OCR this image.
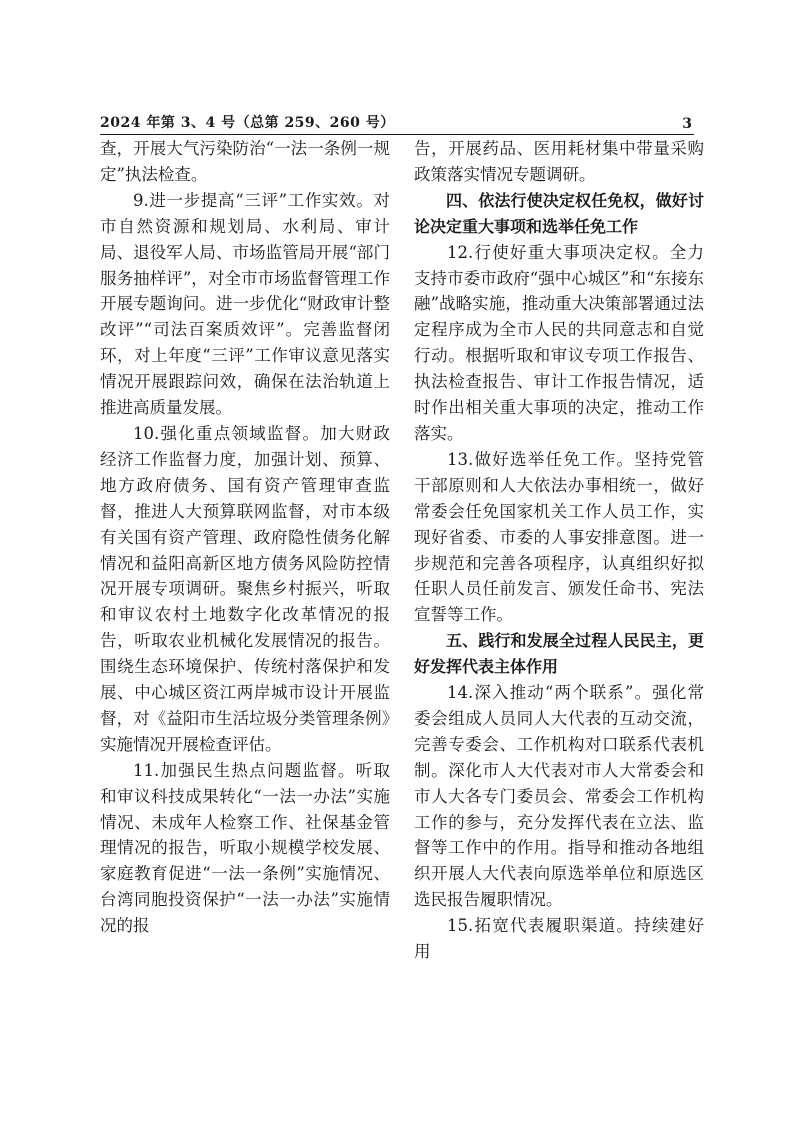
2024 年第 3、4 号（总第 259、260 号）	3

查，开展大气污染防治“一法一条例一规定”执法检查。

9.进一步提高“三评”工作实效。对市自然资源和规划局、水利局、审计局、退役军人局、市场监管局开展“部门服务抽样评”，对全市市场监督管理工作开展专题询问。进一步优化“财政审计整改评”“司法百案质效评”。完善监督闭环，对上年度“三评”工作审议意见落实情况开展跟踪问效，确保在法治轨道上推进高质量发展。

10.强化重点领域监督。加大财政经济工作监督力度，加强计划、预算、地方政府债务、国有资产管理审查监督，推进人大预算联网监督，对市本级有关国有资产管理、政府隐性债务化解情况和益阳高新区地方债务风险防控情况开展专项调研。聚焦乡村振兴，听取和审议农村土地数字化改革情况的报告，听取农业机械化发展情况的报告。围绕生态环境保护、传统村落保护和发展、中心城区资江两岸城市设计开展监督，对《益阳市生活垃圾分类管理条例》实施情况开展检查评估。

11.加强民生热点问题监督。听取和审议科技成果转化“一法一办法”实施情况、未成年人检察工作、社保基金管理情况的报告，听取小规模学校发展、家庭教育促进“一法一条例”实施情况、台湾同胞投资保护“一法一办法”实施情况的报

告，开展药品、医用耗材集中带量采购政策落实情况专题调研。

四、依法行使决定权任免权，做好讨论决定重大事项和选举任免工作

12.行使好重大事项决定权。全力支持市委市政府“强中心城区”和“东接东融”战略实施，推动重大决策部署通过法定程序成为全市人民的共同意志和自觉行动。根据听取和审议专项工作报告、执法检查报告、审计工作报告情况，适时作出相关重大事项的决定，推动工作落实。

13.做好选举任免工作。坚持党管干部原则和人大依法办事相统一，做好常委会任免国家机关工作人员工作，实现好省委、市委的人事安排意图。进一步规范和完善各项程序，认真组织好拟任职人员任前发言、颁发任命书、宪法宣誓等工作。

五、践行和发展全过程人民民主，更好发挥代表主体作用

14.深入推动“两个联系”。强化常委会组成人员同人大代表的互动交流，完善专委会、工作机构对口联系代表机制。深化市人大代表对市人大常委会和市人大各专门委员会、常委会工作机构工作的参与，充分发挥代表在立法、监督等工作中的作用。指导和推动各地组织开展人大代表向原选举单位和原选区选民报告履职情况。

15.拓宽代表履职渠道。持续建好用
